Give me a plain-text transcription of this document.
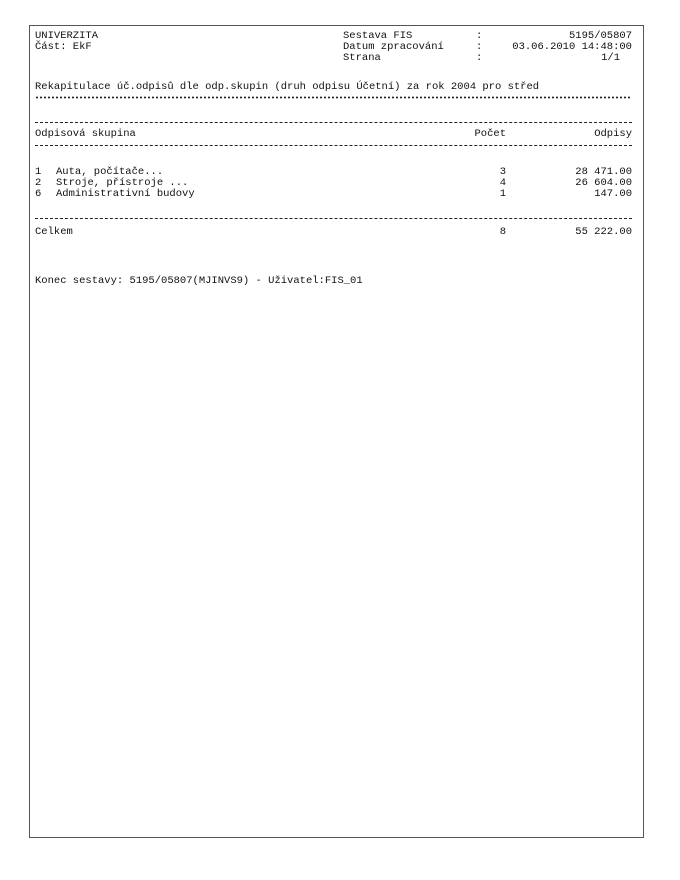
UNIVERZITA
Část: EkF
Sestava FIS	:	5195/05807
Datum zpracování	:	03.06.2010 14:48:00
Strana	:	1/1
Rekapitulace úč.odpisů dle odp.skupin (druh odpisu Účetní) za rok 2004 pro střed
Odpisová skupina	Počet	Odpisy
1 Auta, počítače...	3	28 471.00
2 Stroje, přístroje ...	4	26 604.00
6 Administrativní budovy	1	147.00
Celkem	8	55 222.00
Konec sestavy: 5195/05807(MJINVS9) - Uživatel:FIS_01
